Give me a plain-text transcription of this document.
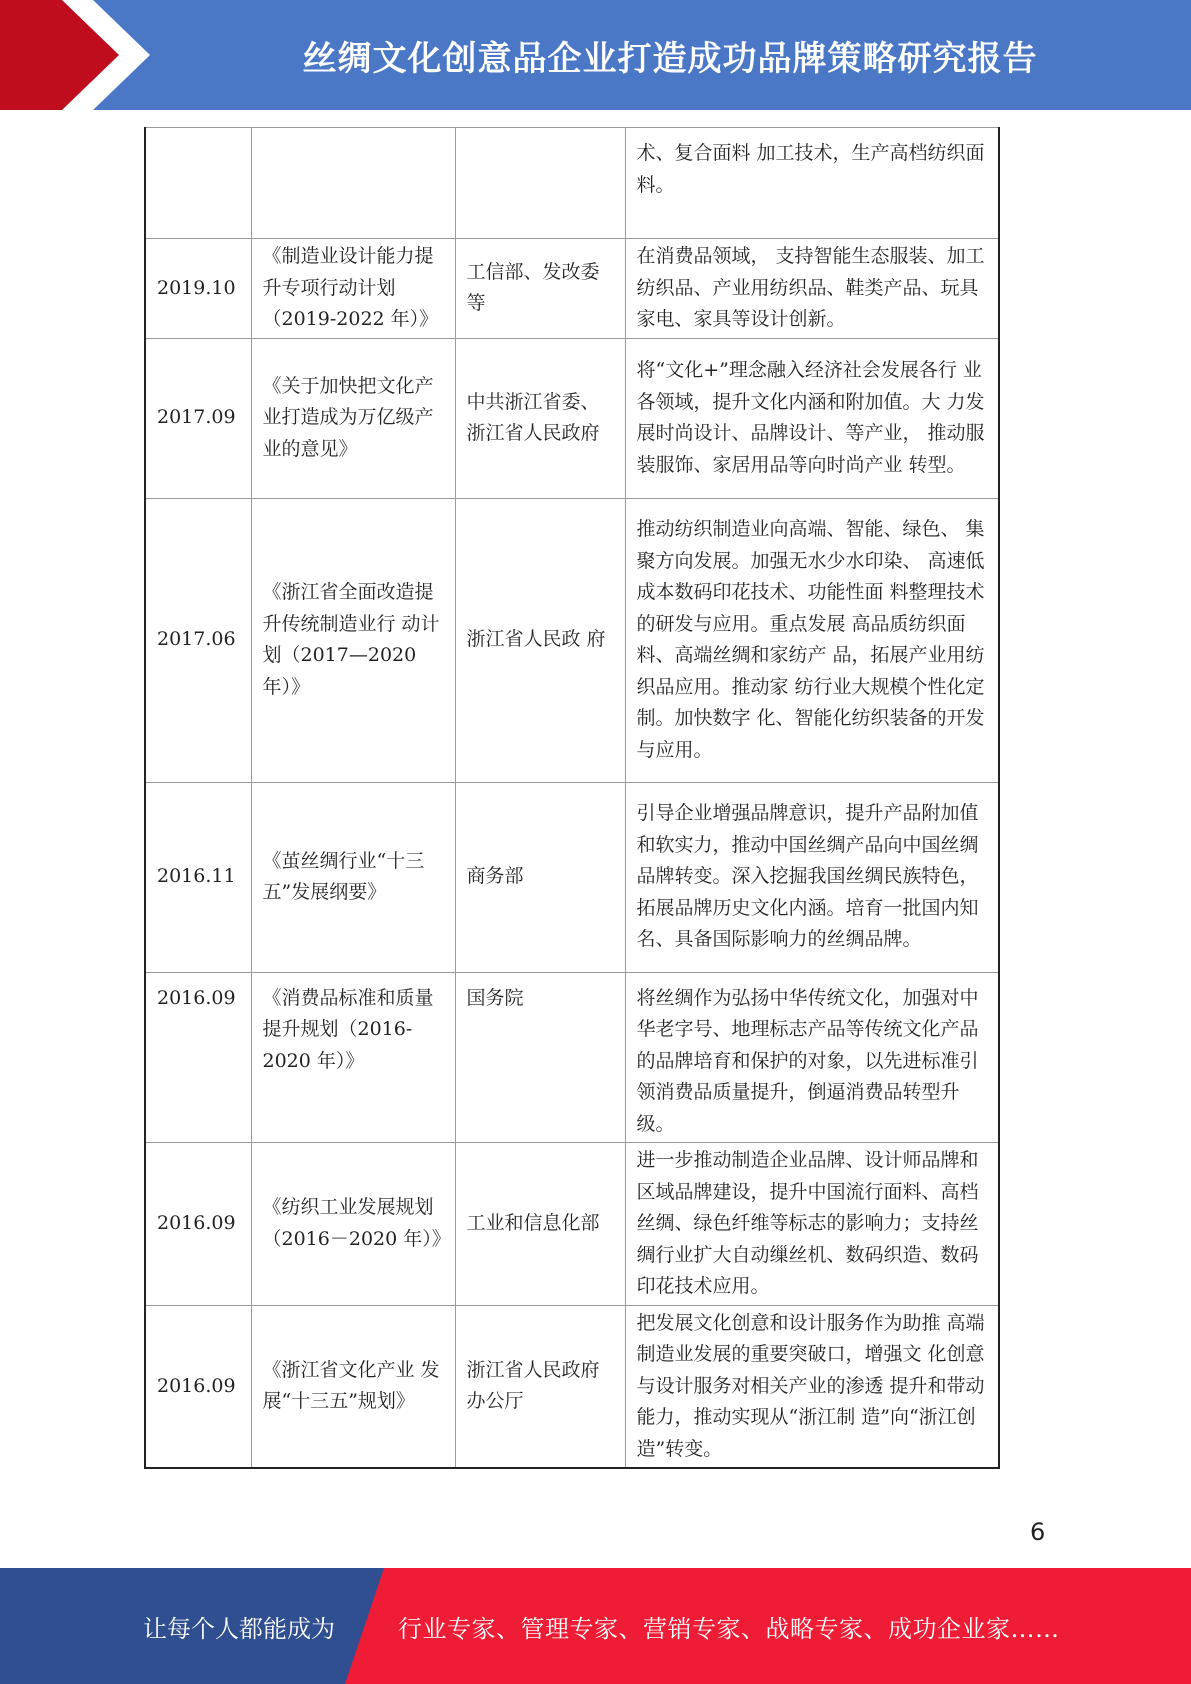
丝绸文化创意品企业打造成功品牌策略研究报告
			术、复合面料 加工技术，生产高档纺织面料。
2019.10	《制造业设计能力提升专项行动计划（2019-2022 年）》	工信部、发改委等	在消费品领域， 支持智能生态服装、加工纺织品、产业用纺织品、鞋类产品、玩具家电、家具等设计创新。
2017.09	《关于加快把文化产业打造成为万亿级产业的意见》	中共浙江省委、浙江省人民政府	将“文化+”理念融入经济社会发展各行 业各领域，提升文化内涵和附加值。大 力发展时尚设计、品牌设计、等产业， 推动服装服饰、家居用品等向时尚产业 转型。
2017.06	《浙江省全面改造提升传统制造业行 动计划（2017—2020 年）》	浙江省人民政 府	推动纺织制造业向高端、智能、绿色、 集聚方向发展。加强无水少水印染、 高速低成本数码印花技术、功能性面 料整理技术的研发与应用。重点发展 高品质纺织面料、高端丝绸和家纺产 品，拓展产业用纺织品应用。推动家 纺行业大规模个性化定制。加快数字 化、智能化纺织装备的开发与应用。
2016.11	《茧丝绸行业“十三五”发展纲要》	商务部	引导企业增强品牌意识，提升产品附加值和软实力，推动中国丝绸产品向中国丝绸品牌转变。深入挖掘我国丝绸民族特色，拓展品牌历史文化内涵。培育一批国内知名、具备国际影响力的丝绸品牌。
2016.09	《消费品标准和质量提升规划（2016-2020 年）》	国务院	将丝绸作为弘扬中华传统文化，加强对中华老字号、地理标志产品等传统文化产品的品牌培育和保护的对象，以先进标准引领消费品质量提升，倒逼消费品转型升级。
2016.09	《纺织工业发展规划（2016－2020 年）》	工业和信息化部	进一步推动制造企业品牌、设计师品牌和区域品牌建设，提升中国流行面料、高档丝绸、绿色纤维等标志的影响力；支持丝绸行业扩大自动缫丝机、数码织造、数码印花技术应用。
2016.09	《浙江省文化产业 发展“十三五”规划》	浙江省人民政府 办公厅	把发展文化创意和设计服务作为助推 高端制造业发展的重要突破口，增强文 化创意与设计服务对相关产业的渗透 提升和带动能力，推动实现从“浙江制 造”向“浙江创造”转变。
6
让每个人都能成为	行业专家、管理专家、营销专家、战略专家、成功企业家……
